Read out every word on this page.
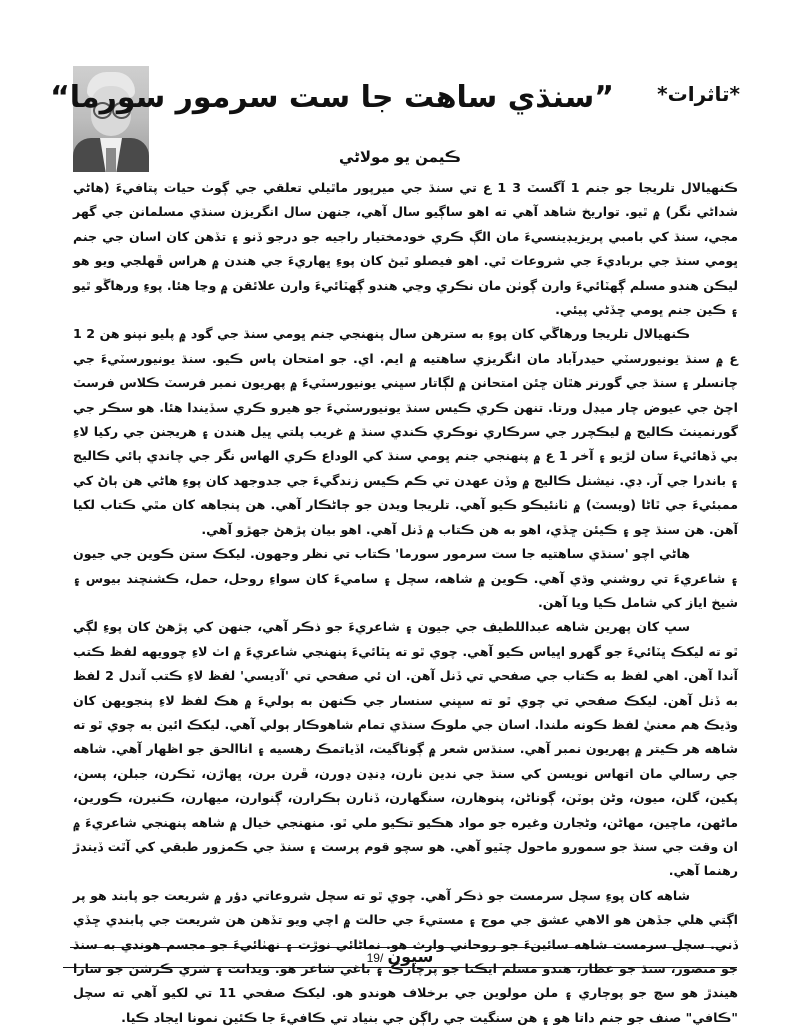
*تاثرات*
”سنڌي ساهت جا ست سرمور سورما“
ڪيمن يو مولاڻي

ڪنهيالال تلريجا جو جنم 1 آگسٽ 3 1 ع تي سنڌ جي ميرپور ماٿيلي تعلقي جي ڳوٺ حيات پتافيءَ (هاڻي شداڻي نگر) ۾ ٿيو. تواريخ شاهد آهي ته اهو ساڳيو سال آهي، جنهن سال انگريزن سنڌي مسلمانن جي گهر مجي، سنڌ کي بامبي پريزيڊينسيءَ مان الڳ ڪري خودمختيار راجيه جو درجو ڏنو ۽ تڏهن کان اسان جي جنم ڀومي سنڌ جي برباديءَ جي شروعات ٿي. اهو فيصلو ٿيڻ کان پوءِ ڀهاريءَ جي هندن ۾ هراس ڦهلجي ويو هو ليڪن هندو مسلم ڳهٽائيءَ وارن ڳوٺن مان نڪري وڃي هندو ڳهٽائيءَ وارن علائقن ۾ وڃا هئا. پوءِ ورهاڱو ٿيو ۽ ڪين جنم ڀومي ڇڏڻي پيئي.

ڪنهيالال تلريجا ورهاڱي کان پوءِ به سترهن سال پنهنجي جنم ڀومي سنڌ جي گود ۾ پليو نپنو هن 2 1 ع ۾ سنڌ يونيورسٽي حيدرآباد مان انگريزي ساهتيه ۾ ايم. اي. جو امتحان پاس ڪيو. سنڌ يونيورسٽيءَ جي چانسلر ۽ سنڌ جي گورنر هٿان ڇئن امتحانن ۾ لڳاتار سڀني يونيورسٽيءَ ۾ پهريون نمبر فرسٽ ڪلاس فرسٽ اچڻ جي عيوض چار ميڊل ورتا. تنهن ڪري ڪيس سنڌ يونيورسٽيءَ جو هيرو ڪري سڏيندا هئا. هو سڪر جي گورنمينٽ ڪاليج ۾ ليڪچرر جي سرڪاري نوڪري ڪندي سنڌ ۾ غريب پلتي ڀيل هندن ۽ هريجنن جي رکيا لاءِ بي ڏهائيءَ سان لڙيو ۽ آخر 1 ع ۾ پنهنجي جنم ڀومي سنڌ کي الوداع ڪري الهاس نگر جي چاندي ٻائي ڪاليج ۽ باندرا جي آر. ڊي. نيشنل ڪاليج ۾ وڏن عهدن تي ڪم ڪيس زندگيءَ جي جدوجهد کان پوءِ هاڻي هن ٻاڻ کي ممبئيءَ جي ٿاڻا (ويسٽ) ۾ ٺانئيڪو ڪيو آهي. تلريجا ويدن جو ڄاڻڪار آهي. هن پنجاهه کان مٿي ڪتاب لکيا آهن. هن سنڌ ڇو ۽ ڪيئن ڇڏي، اهو به هن ڪتاب ۾ ڏنل آهي. اهو بيان پڙهڻ جهڙو آهي.

هاڻي اچو 'سنڌي ساهتيه جا ست سرمور سورما' ڪتاب تي نظر وجهون. ليکڪ ستن ڪوين جي جيون ۽ شاعريءَ تي روشني وڌي آهي. ڪوين ۾ شاهه، سچل ۽ ساميءَ کان سواءِ روحل، حمل، ڪشنچند بيوس ۽ شيخ اياز کي شامل ڪيا ويا آهن.

سڀ کان پهرين شاهه عبداللطيف جي جيون ۽ شاعريءَ جو ذڪر آهي، جنهن کي پڙهڻ کان پوءِ لڳي ٿو ته ليکڪ ڀٽائيءَ جو گهرو اڀياس ڪيو آهي. چوي ٿو ته ڀٽائيءَ پنهنجي شاعريءَ ۾ اٺ لاءِ چوويهه لفظ ڪتب آندا آهن. اهي لفظ به ڪتاب جي صفحي تي ڏنل آهن. ان ئي صفحي تي 'آديسي' لفظ لاءِ ڪتب آندل 2 لفظ به ڏنل آهن. ليکڪ صفحي تي چوي ٿو ته سڀني سنسار جي ڪنهن به ٻوليءَ ۾ هڪ لفظ لاءِ پنجويهن کان وڌيڪ هم معنيٰ لفظ ڪونه ملندا. اسان جي ملوڪ سنڌي تمام شاهوڪار ٻولي آهي. ليکڪ ائين به چوي ٿو ته شاهه هر ڪيتر ۾ پهريون نمبر آهي. سنڌس شعر ۾ ڳوناگيت، اڏياتمڪ رهسيه ۽ اناالحق جو اظهار آهي. شاهه جي رسالي مان اتهاس نويسن کي سنڌ جي ندين نارن، ڍنڍن ڍورن، ڦرن برن، ڀهاڙن، ٽڪرن، جبلن، پسن، پکين، گلن، ميون، وڻن ٻوٽن، ڳوناڻن، پنوهارن، سنگهارن، ڏنارن ٻڪرارن، ڳنوارن، ميهارن، ڪنيرن، ڪورين، ماڻهن، ماچين، مهاڻن، وڻجارن وغيره جو مواد هڪيو تڪيو ملي ٿو. منهنجي خيال ۾ شاهه پنهنجي شاعريءَ ۾ ان وقت جي سنڌ جو سمورو ماحول چٽيو آهي. هو سچو قوم پرست ۽ سنڌ جي ڪمزور طبقي کي آٿت ڏيندڙ رهنما آهي.

شاهه کان پوءِ سچل سرمست جو ذڪر آهي. چوي ٿو ته سچل شروعاتي دؤر ۾ شريعت جو پابند هو پر اڳتي هلي جڏهن هو الاهي عشق جي موج ۽ مستيءَ جي حالت ۾ اچي ويو تڏهن هن شريعت جي پابندي ڇڏي ڏني. سچل سرمست شاهه سائينءَ جو روحاني وارث هو. نماڻائي نوڙت ۽ نهٺائيءَ جو مجسم هوندي به سنڌ جو منصور، سنڌ جو عطار، هندو مسلم ايڪتا جو پرچارڪ ۽ باغي شاعر هو. ويدانت ۽ شري ڪرشن جو سارا هيندڙ هو سچ جو پوڄاري ۽ ملن مولوين جي برخلاف هوندو هو. ليکڪ صفحي 11 تي لکيو آهي ته سچل "ڪافي" صنف جو جنم داتا هو ۽ هن سنگيت جي راڳن جي بنياد تي ڪافيءَ جا ڪئين نمونا ايجاد ڪيا.

19/ سپون
